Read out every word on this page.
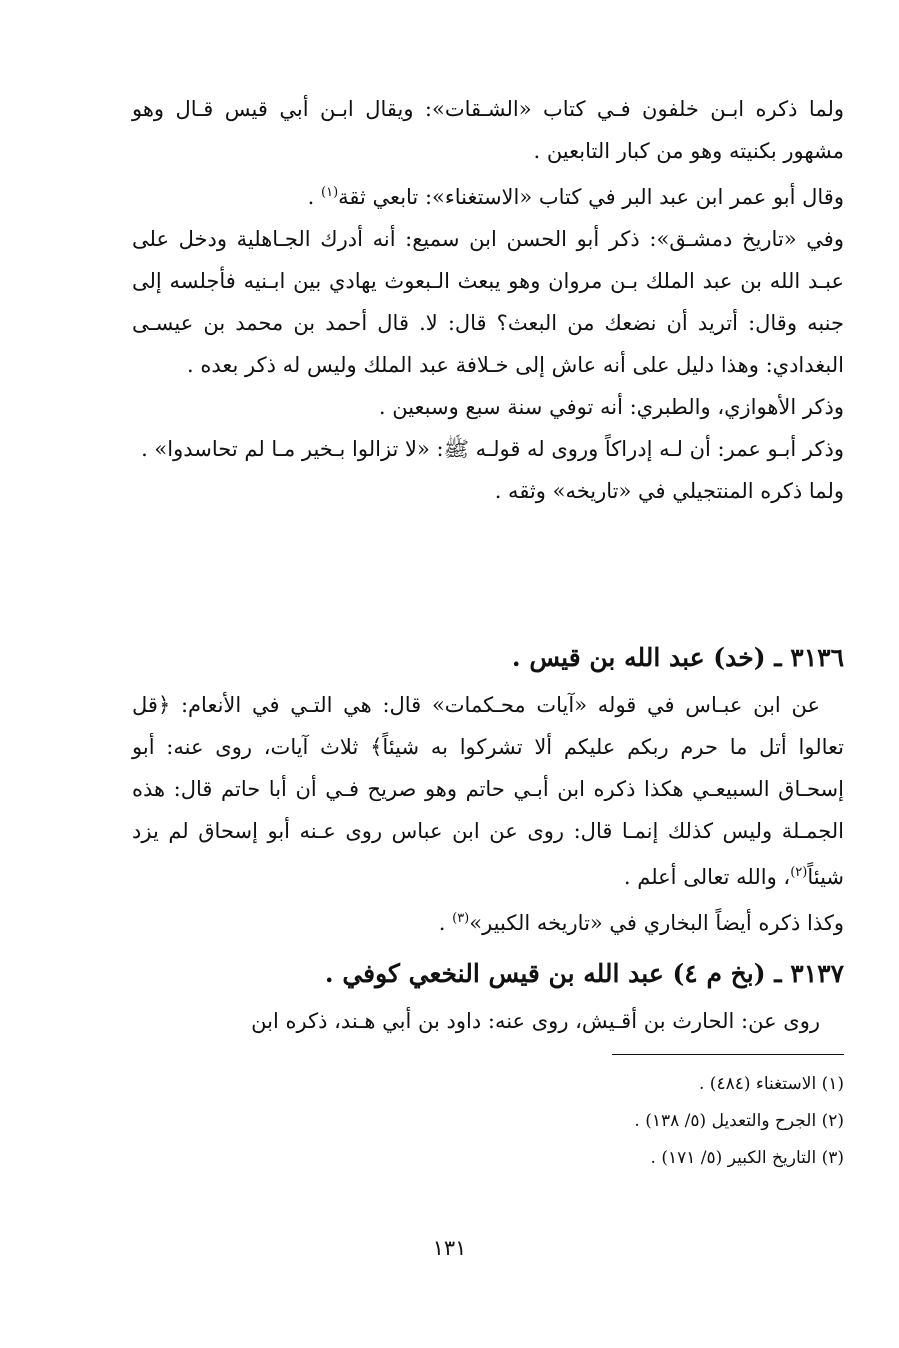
ولما ذكره ابـن خلفون فـي كتاب «الشـقات»: ويقال ابـن أبي قيس قـال وهو مشهور بكنيته وهو من كبار التابعين .

وقال أبو عمر ابن عبد البر في كتاب «الاستغناء»: تابعي ثقة$^{(١)}$ .

وفي «تاريخ دمشـق»: ذكر أبو الحسن ابن سميع: أنه أدرك الجـاهلية ودخل على عبـد الله بن عبد الملك بـن مروان وهو يبعث الـبعوث يهادي بين ابـنيه فأجلسه إلى جنبه وقال: أتريد أن نضعك من البعث؟ قال: لا. قال أحمد بن محمد بن عيسـى البغدادي: وهذا دليل على أنه عاش إلى خـلافة عبد الملك وليس له ذكر بعده .

وذكر الأهوازي، والطبري: أنه توفي سنة سبع وسبعين .

وذكر أبـو عمر: أن لـه إدراكاً وروى له قولـه ﷺ: «لا تزالوا بـخير مـا لم تحاسدوا» .

ولما ذكره المنتجيلي في «تاريخه» وثقه .

٣١٣٦ ـ (خد) عبد الله بن قيس .

عن ابن عبـاس في قوله «آيات محـكمات» قال: هي التـي في الأنعام: ﴿قل تعالوا أتل ما حرم ربكم عليكم ألا تشركوا به شيئاً﴾ ثلاث آيات، روى عنه: أبو إسحـاق السبيعـي هكذا ذكره ابن أبـي حاتم وهو صريح فـي أن أبا حاتم قال: هذه الجمـلة وليس كذلك إنمـا قال: روى عن ابن عباس روى عـنه أبو إسحاق لم يزد شيئاً$^{(٢)}$، والله تعالى أعلم .

وكذا ذكره أيضاً البخاري في «تاريخه الكبير»$^{(٣)}$ .

٣١٣٧ ـ (بخ م ٤) عبد الله بن قيس النخعي كوفي .

روى عن: الحارث بن أقـيش، روى عنه: داود بن أبي هـند، ذكره ابن

(١) الاستغناء (٤٨٤) .

(٢) الجرح والتعديل (٥/ ١٣٨) .

(٣) التاريخ الكبير (٥/ ١٧١) .

١٣١
